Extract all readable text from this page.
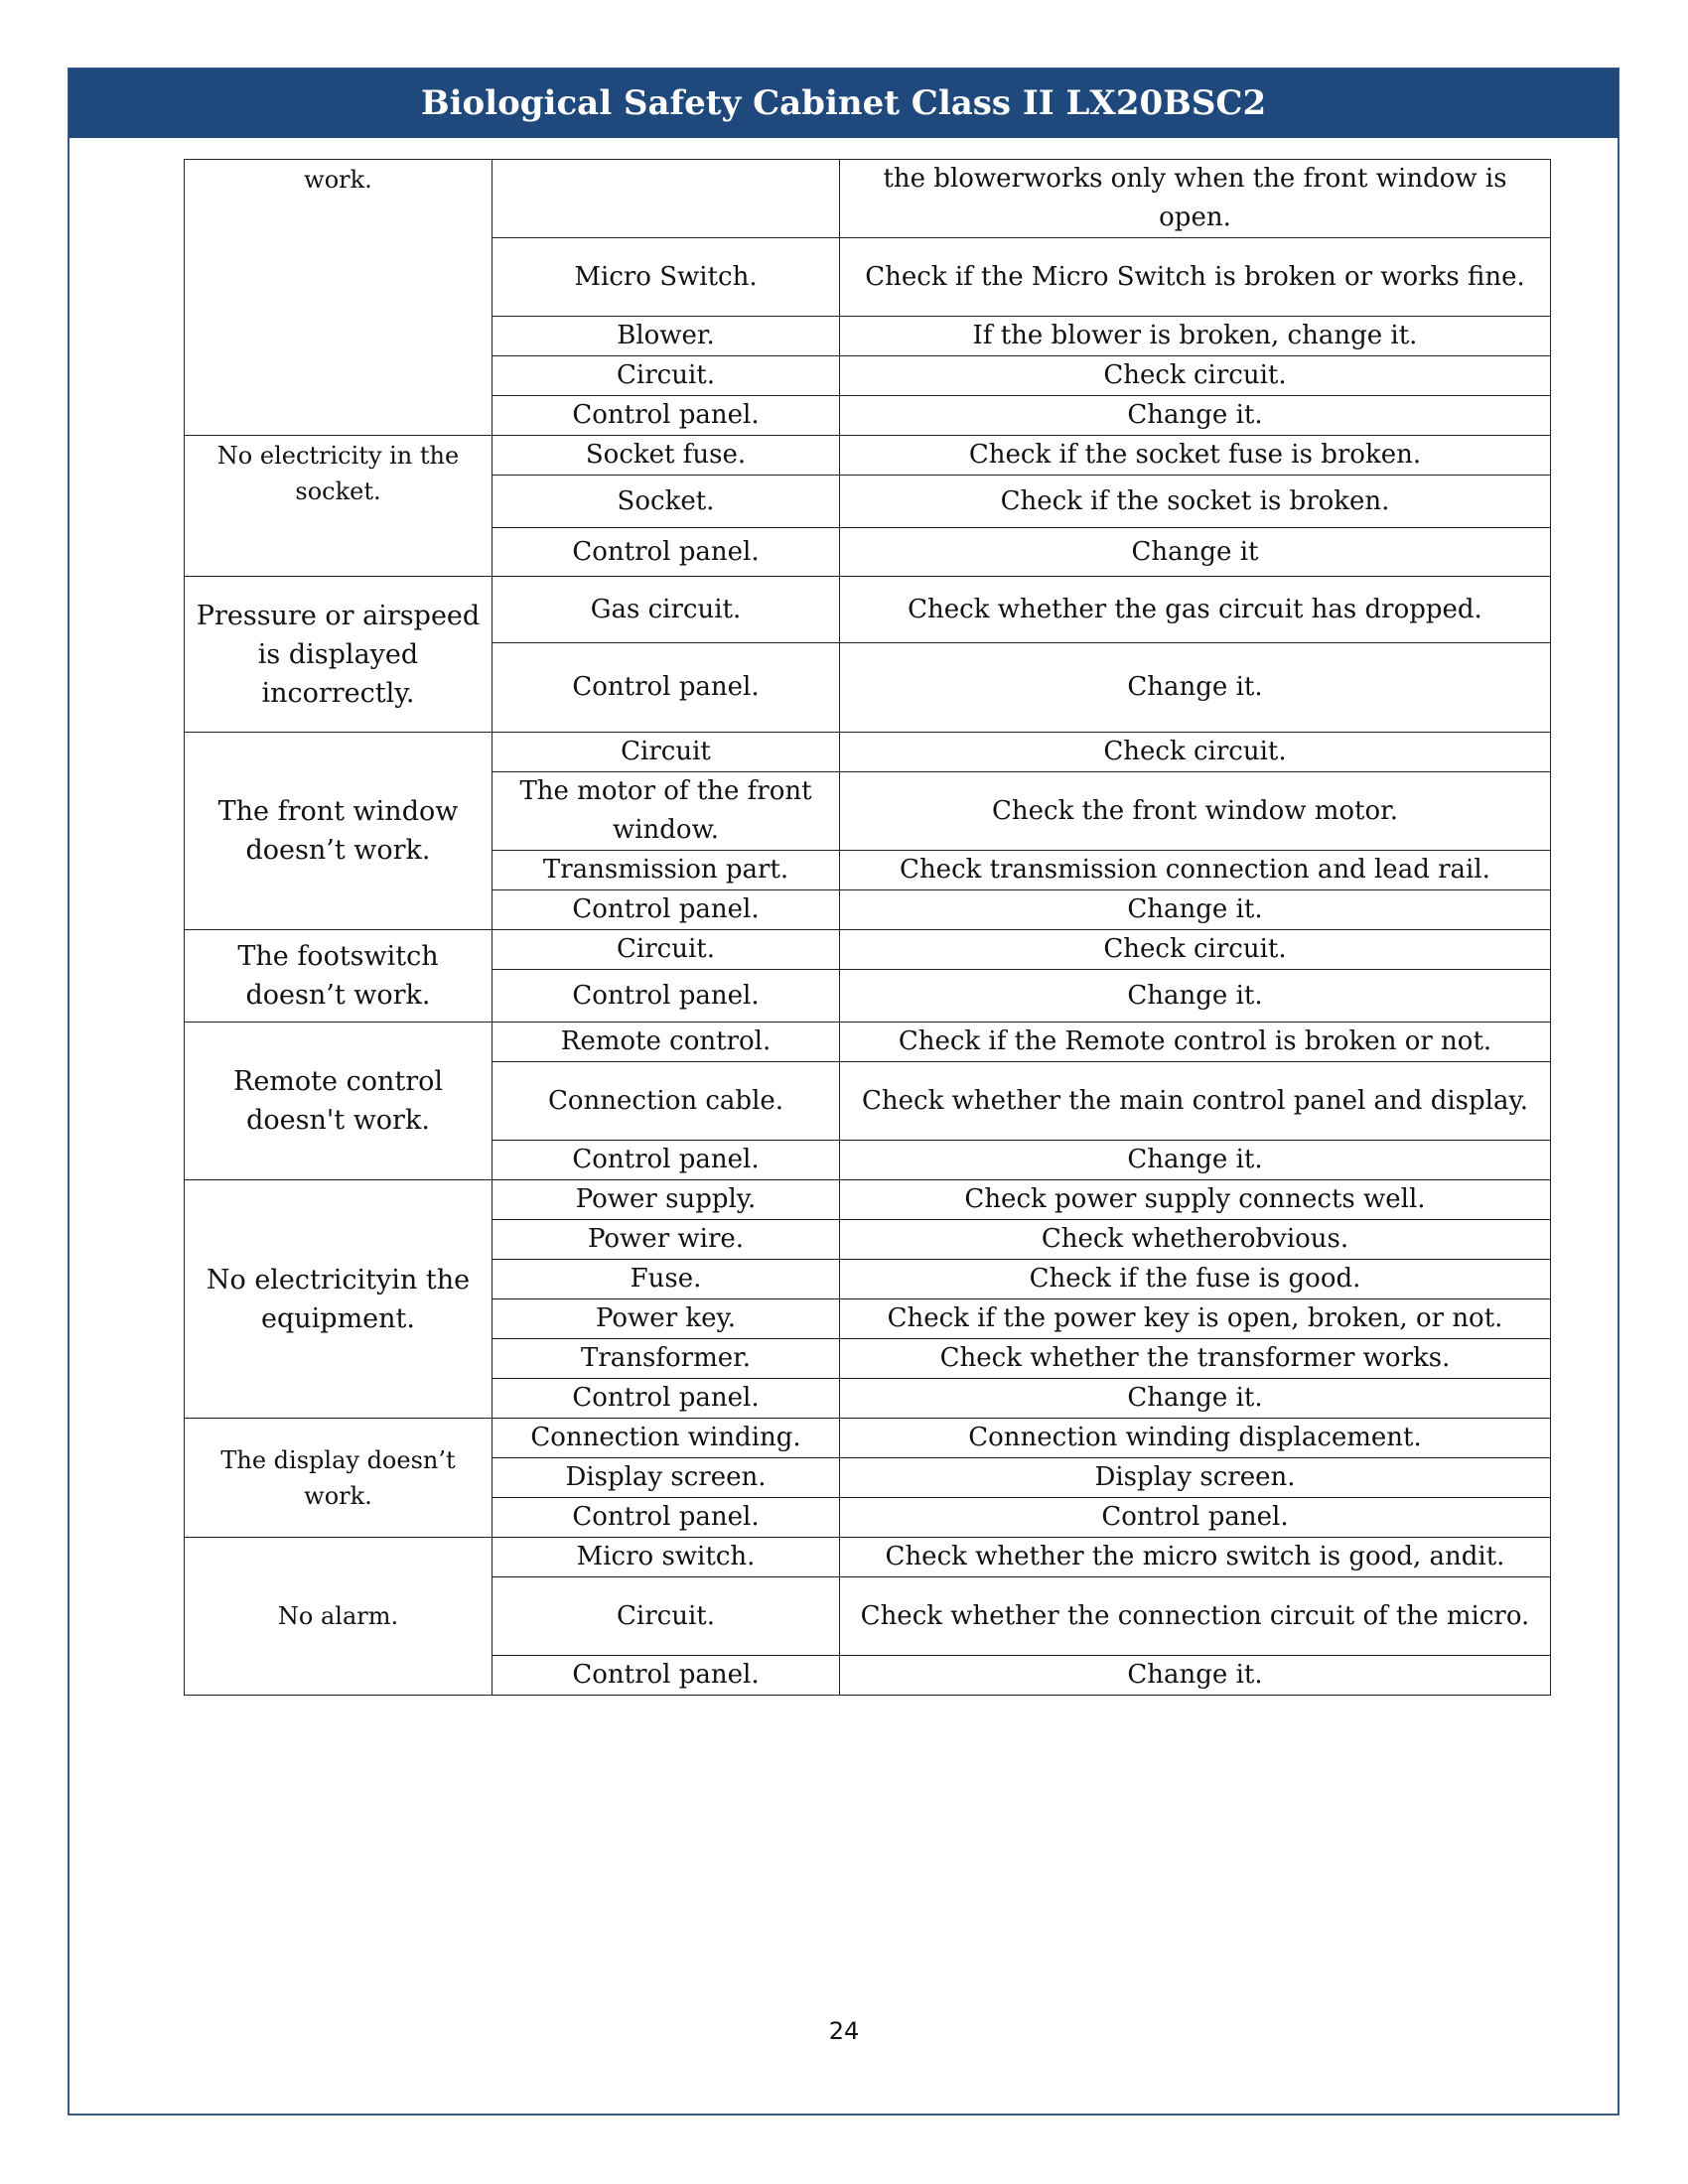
Biological Safety Cabinet Class II LX20BSC2
work.		the blowerworks only when the front window is open.
	Micro Switch.	Check if the Micro Switch is broken or works fine.
	Blower.	If the blower is broken, change it.
	Circuit.	Check circuit.
	Control panel.	Change it.
No electricity in the socket.	Socket fuse.	Check if the socket fuse is broken.
	Socket.	Check if the socket is broken.
	Control panel.	Change it
Pressure or airspeed is displayed incorrectly.	Gas circuit.	Check whether the gas circuit has dropped.
	Control panel.	Change it.
The front window doesn’t work.	Circuit	Check circuit.
	The motor of the front window.	Check the front window motor.
	Transmission part.	Check transmission connection and lead rail.
	Control panel.	Change it.
The footswitch doesn’t work.	Circuit.	Check circuit.
	Control panel.	Change it.
Remote control doesn't work.	Remote control.	Check if the Remote control is broken or not.
	Connection cable.	Check whether the main control panel and display.
	Control panel.	Change it.
No electricityin the equipment.	Power supply.	Check power supply connects well.
	Power wire.	Check whetherobvious.
	Fuse.	Check if the fuse is good.
	Power key.	Check if the power key is open, broken, or not.
	Transformer.	Check whether the transformer works.
	Control panel.	Change it.
The display doesn’t work.	Connection winding.	Connection winding displacement.
	Display screen.	Display screen.
	Control panel.	Control panel.
No alarm.	Micro switch.	Check whether the micro switch is good, andit.
	Circuit.	Check whether the connection circuit of the micro.
	Control panel.	Change it.
24
